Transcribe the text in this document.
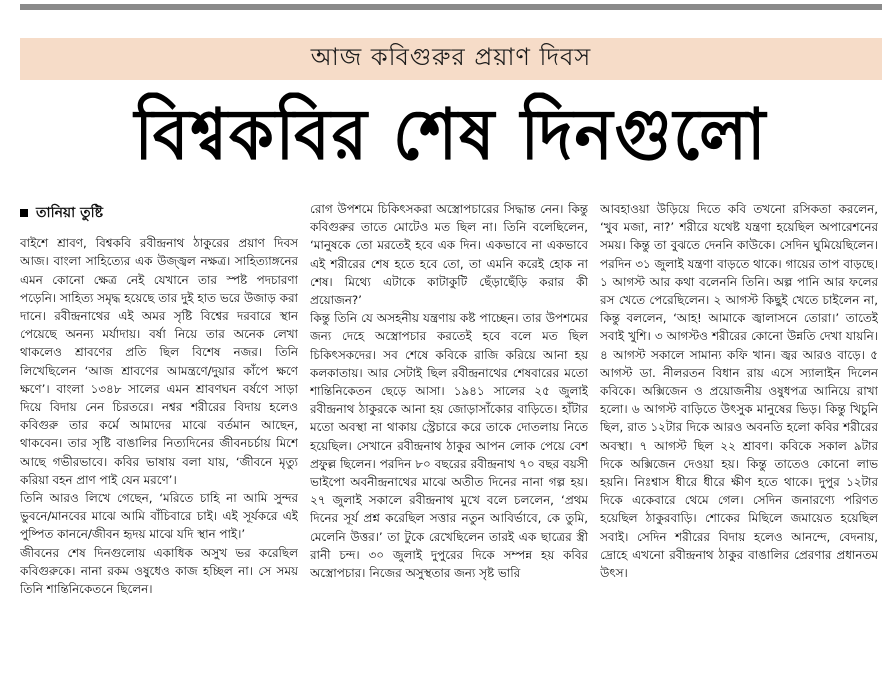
আজ কবিগুরুর প্রয়াণ দিবস
বিশ্বকবির শেষ দিনগুলো
তানিয়া তুষ্টি

বাইশে শ্রাবণ, বিশ্বকবি রবীন্দ্রনাথ ঠাকুরের প্রয়াণ দিবস আজ। বাংলা সাহিত্যের এক উজ্জ্বল নক্ষত্র। সাহিত্যাঙ্গনের এমন কোনো ক্ষেত্র নেই যেখানে তার স্পষ্ট পদচারণা পড়েনি। সাহিত্য সমৃদ্ধ হয়েছে তার দুই হাত ভরে উজাড় করা দানে। রবীন্দ্রনাথের এই অমর সৃষ্টি বিশ্বের দরবারে স্থান পেয়েছে অনন্য মর্যাদায়। বর্ষা নিয়ে তার অনেক লেখা থাকলেও শ্রাবণের প্রতি ছিল বিশেষ নজর। তিনি লিখেছিলেন ‘আজ শ্রাবণের আমন্ত্রণে/দুয়ার কাঁপে ক্ষণে ক্ষণে’। বাংলা ১৩৪৮ সালের এমন শ্রাবণঘন বর্ষণে সাড়া দিয়ে বিদায় নেন চিরতরে। নশ্বর শরীরের বিদায় হলেও কবিগুরু তার কর্মে আমাদের মাঝে বর্তমান আছেন, থাকবেন। তার সৃষ্টি বাঙালির নিত্যদিনের জীবনচর্চায় মিশে আছে গভীরভাবে। কবির ভাষায় বলা যায়, ‘জীবনে মৃত্যু করিয়া বহন প্রাণ পাই যেন মরণে’।

তিনি আরও লিখে গেছেন, ‘মরিতে চাহি না আমি সুন্দর ভুবনে/মানবের মাঝে আমি বাঁচিবারে চাই। এই সূর্যকরে এই পুষ্পিত কাননে/জীবন হৃদয় মাঝে যদি স্থান পাই।’

জীবনের শেষ দিনগুলোয় একাধিক অসুখ ভর করেছিল কবিগুরুকে। নানা রকম ওষুধেও কাজ হচ্ছিল না। সে সময় তিনি শান্তিনিকেতনে ছিলেন।

রোগ উপশমে চিকিৎসকরা অস্ত্রোপচারের সিদ্ধান্ত নেন। কিন্তু কবিগুরুর তাতে মোটেও মত ছিল না। তিনি বলেছিলেন, ‘মানুষকে তো মরতেই হবে এক দিন। একভাবে না একভাবে এই শরীরের শেষ হতে হবে তো, তা এমনি করেই হোক না শেষ। মিথ্যে এটাকে কাটাকুটি ছেঁড়াছেঁড়ি করার কী প্রয়োজন?’

কিন্তু তিনি যে অসহনীয় যন্ত্রণায় কষ্ট পাচ্ছেন। তার উপশমের জন্য দেহে অস্ত্রোপচার করতেই হবে বলে মত ছিল চিকিৎসকদের। সব শেষে কবিকে রাজি করিয়ে আনা হয় কলকাতায়। আর সেটাই ছিল রবীন্দ্রনাথের শেষবারের মতো শান্তিনিকেতন ছেড়ে আসা। ১৯৪১ সালের ২৫ জুলাই রবীন্দ্রনাথ ঠাকুরকে আনা হয় জোড়াসাঁকোর বাড়িতে। হাঁটার মতো অবস্থা না থাকায় স্ট্রেচারে করে তাকে দোতলায় নিতে হয়েছিল। সেখানে রবীন্দ্রনাথ ঠাকুর আপন লোক পেয়ে বেশ প্রফুল্ল ছিলেন। পরদিন ৮০ বছরের রবীন্দ্রনাথ ৭০ বছর বয়সী ভাইপো অবনীন্দ্রনাথের মাঝে অতীত দিনের নানা গল্প হয়। ২৭ জুলাই সকালে রবীন্দ্রনাথ মুখে বলে চললেন, ‘প্রথম দিনের সূর্য প্রশ্ন করেছিল সত্তার নতুন আবির্ভাবে, কে তুমি, মেলেনি উত্তর।’ তা টুকে রেখেছিলেন তারই এক ছাত্রের স্ত্রী রানী চন্দ। ৩০ জুলাই দুপুরের দিকে সম্পন্ন হয় কবির অস্ত্রোপচার। নিজের অসুস্থতার জন্য সৃষ্ট ভারি

আবহাওয়া উড়িয়ে দিতে কবি তখনো রসিকতা করলেন, ‘খুব মজা, না?’ শরীরে যথেষ্ট যন্ত্রণা হয়েছিল অপারেশনের সময়। কিন্তু তা বুঝতে দেননি কাউকে। সেদিন ঘুমিয়েছিলেন। পরদিন ৩১ জুলাই যন্ত্রণা বাড়তে থাকে। গায়ের তাপ বাড়ছে। ১ আগস্ট আর কথা বলেননি তিনি। অল্প পানি আর ফলের রস খেতে পেরেছিলেন। ২ আগস্ট কিছুই খেতে চাইলেন না, কিন্তু বললেন, ‘আহ! আমাকে জ্বালাসনে তোরা।’ তাতেই সবাই খুশি। ৩ আগস্টও শরীরের কোনো উন্নতি দেখা যায়নি। ৪ আগস্ট সকালে সামান্য কফি খান। জ্বর আরও বাড়ে। ৫ আগস্ট ডা. নীলরতন বিধান রায় এসে স্যালাইন দিলেন কবিকে। অক্সিজেন ও প্রয়োজনীয় ওষুধপত্র আনিয়ে রাখা হলো। ৬ আগস্ট বাড়িতে উৎসুক মানুষের ভিড়। কিন্তু খিচুনি ছিল, রাত ১২টার দিকে আরও অবনতি হলো কবির শরীরের অবস্থা। ৭ আগস্ট ছিল ২২ শ্রাবণ। কবিকে সকাল ৯টার দিকে অক্সিজেন দেওয়া হয়। কিন্তু তাতেও কোনো লাভ হয়নি। নিঃশ্বাস ধীরে ধীরে ক্ষীণ হতে থাকে। দুপুর ১২টার দিকে একেবারে থেমে গেল। সেদিন জনারণ্যে পরিণত হয়েছিল ঠাকুরবাড়ি। শোকের মিছিলে জমায়েত হয়েছিল সবাই। সেদিন শরীরের বিদায় হলেও আনন্দে, বেদনায়, দ্রোহে এখনো রবীন্দ্রনাথ ঠাকুর বাঙালির প্রেরণার প্রধানতম উৎস।
